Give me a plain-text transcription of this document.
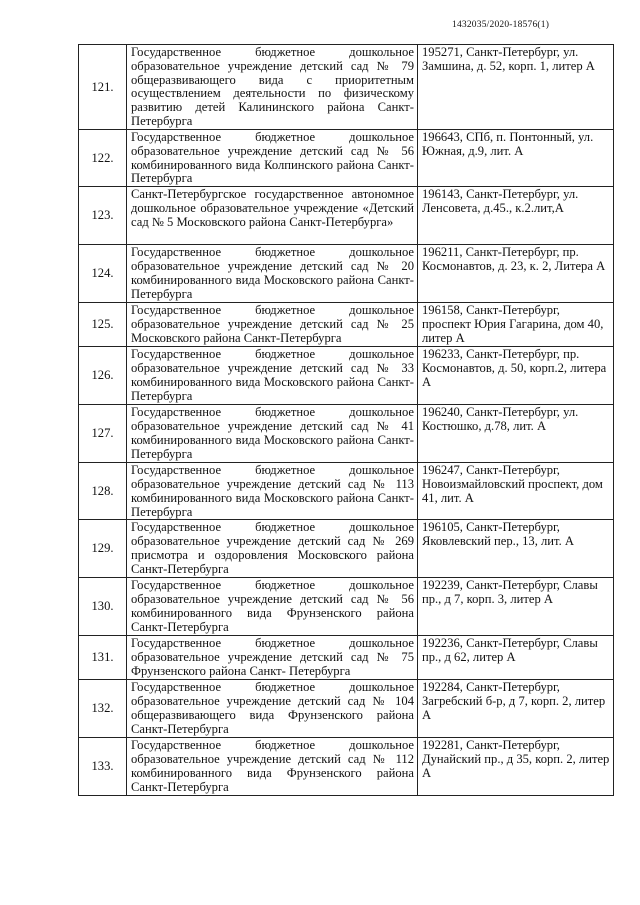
1432035/2020-18576(1)
121.	Государственное бюджетное дошкольное образовательное учреждение детский сад № 79 общеразвивающего вида с приоритетным осуществлением деятельности по физическому развитию детей Калининского района Санкт-Петербурга	195271, Санкт-Петербург, ул. Замшина, д. 52, корп. 1, литер А
122.	Государственное бюджетное дошкольное образовательное учреждение детский сад № 56 комбинированного вида Колпинского района Санкт-Петербурга	196643, СПб, п. Понтонный, ул. Южная, д.9, лит. А
123.	Санкт-Петербургское государственное автономное дошкольное образовательное учреждение «Детский сад № 5 Московского района Санкт-Петербурга»	196143, Санкт-Петербург, ул. Ленсовета, д.45., к.2.лит,А
124.	Государственное бюджетное дошкольное образовательное учреждение детский сад № 20 комбинированного вида Московского района Санкт-Петербурга	196211, Санкт-Петербург, пр. Космонавтов, д. 23, к. 2, Литера А
125.	Государственное бюджетное дошкольное образовательное учреждение детский сад № 25 Московского района Санкт-Петербурга	196158, Санкт-Петербург, проспект Юрия Гагарина, дом 40, литер А
126.	Государственное бюджетное дошкольное образовательное учреждение детский сад № 33 комбинированного вида Московского района Санкт-Петербурга	196233, Санкт-Петербург, пр. Космонавтов, д. 50, корп.2, литера А
127.	Государственное бюджетное дошкольное образовательное учреждение детский сад № 41 комбинированного вида Московского района Санкт-Петербурга	196240, Санкт-Петербург, ул. Костюшко, д.78, лит. А
128.	Государственное бюджетное дошкольное образовательное учреждение детский сад № 113 комбинированного вида Московского района Санкт-Петербурга	196247, Санкт-Петербург, Новоизмайловский проспект, дом 41, лит. А
129.	Государственное бюджетное дошкольное образовательное учреждение детский сад № 269 присмотра и оздоровления Московского района Санкт-Петербурга	196105, Санкт-Петербург, Яковлевский пер., 13, лит. А
130.	Государственное бюджетное дошкольное образовательное учреждение детский сад № 56 комбинированного вида Фрунзенского района Санкт-Петербурга	192239, Санкт-Петербург, Славы пр., д 7, корп. 3, литер А
131.	Государственное бюджетное дошкольное образовательное учреждение детский сад № 75 Фрунзенского района Санкт- Петербурга	192236, Санкт-Петербург, Славы пр., д 62, литер А
132.	Государственное бюджетное дошкольное образовательное учреждение детский сад № 104 общеразвивающего вида Фрунзенского района Санкт-Петербурга	192284, Санкт-Петербург, Загребский б-р, д 7, корп. 2, литер А
133.	Государственное бюджетное дошкольное образовательное учреждение детский сад № 112 комбинированного вида Фрунзенского района Санкт-Петербурга	192281, Санкт-Петербург, Дунайский пр., д 35, корп. 2, литер А
